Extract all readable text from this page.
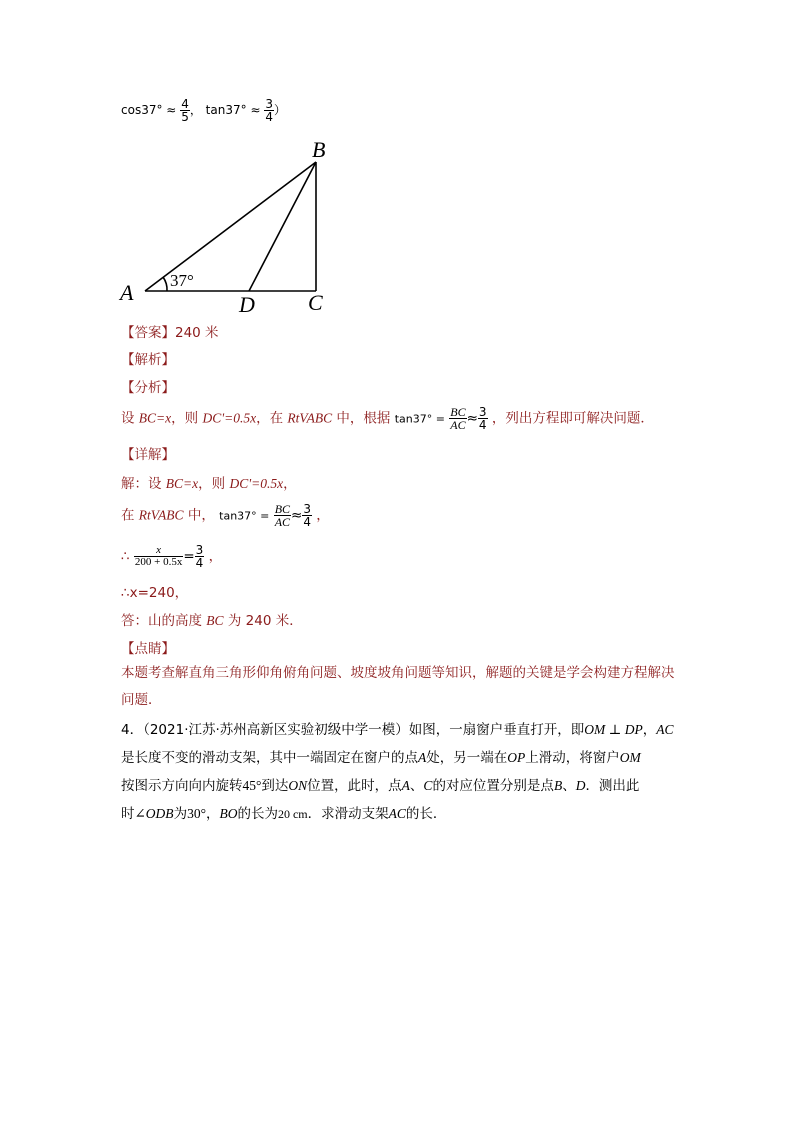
$\cos 37^\circ \approx \frac{4}{5}$ ， $\tan 37^\circ \approx \frac{3}{4}$ ）
A
B
C
D
37°
【答案】240 米
【解析】
【分析】
设 BC=x，则 DC'=0.5x，在 RtVABC 中，根据 $\tan 37^\circ = \frac{BC}{AC} \approx \frac{3}{4}$ ，列出方程即可解决问题．
【详解】
解：设 BC=x，则 DC'=0.5x，
在 RtVABC 中， $\tan 37^\circ = \frac{BC}{AC} \approx \frac{3}{4}$ ，
∴ $\frac{x}{200 + 0.5x} = \frac{3}{4}$ ，
∴x=240，
答：山的高度 BC 为 240 米．
【点睛】
本题考查解直角三角形仰角俯角问题、坡度坡角问题等知识，解题的关键是学会构建方程解决问题．
4．（2021·江苏·苏州高新区实验初级中学一模）如图，一扇窗户垂直打开，即OM ⊥ DP，AC
是长度不变的滑动支架，其中一端固定在窗户的点A处，另一端在OP上滑动，将窗户OM
按图示方向向内旋转45°到达ON位置，此时，点A、C的对应位置分别是点B、D．测出此
时∠ODB为30°，BO的长为20 cm．求滑动支架AC的长．
